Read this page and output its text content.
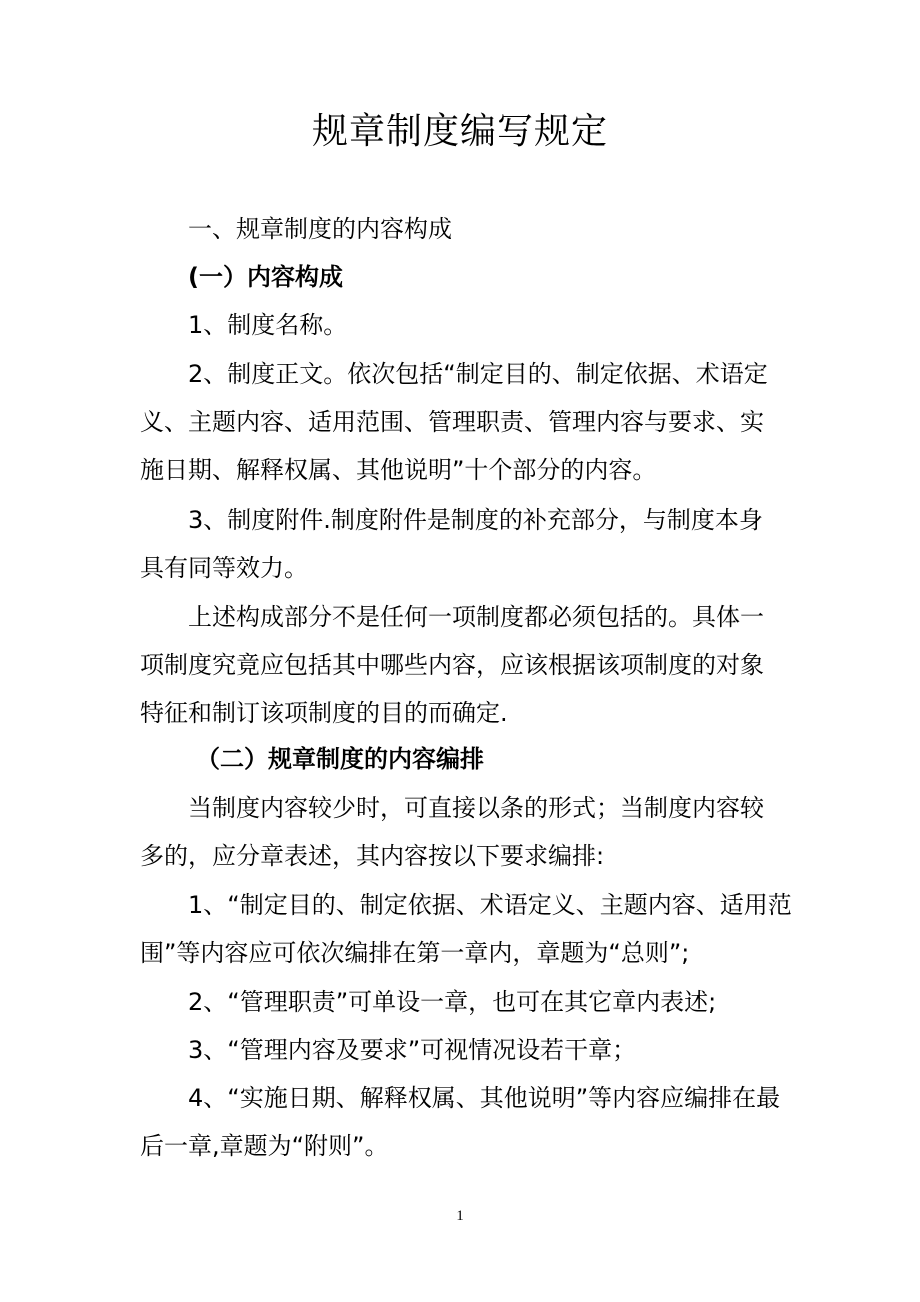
规章制度编写规定
一、规章制度的内容构成
(一）内容构成
1、制度名称。
2、制度正文。依次包括“制定目的、制定依据、术语定
义、主题内容、适用范围、管理职责、管理内容与要求、实
施日期、解释权属、其他说明”十个部分的内容。
3、制度附件.制度附件是制度的补充部分，与制度本身
具有同等效力。
上述构成部分不是任何一项制度都必须包括的。具体一
项制度究竟应包括其中哪些内容，应该根据该项制度的对象
特征和制订该项制度的目的而确定.
（二）规章制度的内容编排
当制度内容较少时，可直接以条的形式；当制度内容较
多的，应分章表述，其内容按以下要求编排:
1、“制定目的、制定依据、术语定义、主题内容、适用范
围”等内容应可依次编排在第一章内，章题为“总则”;
2、“管理职责”可单设一章，也可在其它章内表述;
3、“管理内容及要求”可视情况设若干章；
4、“实施日期、解释权属、其他说明”等内容应编排在最
后一章,章题为“附则”。
1
